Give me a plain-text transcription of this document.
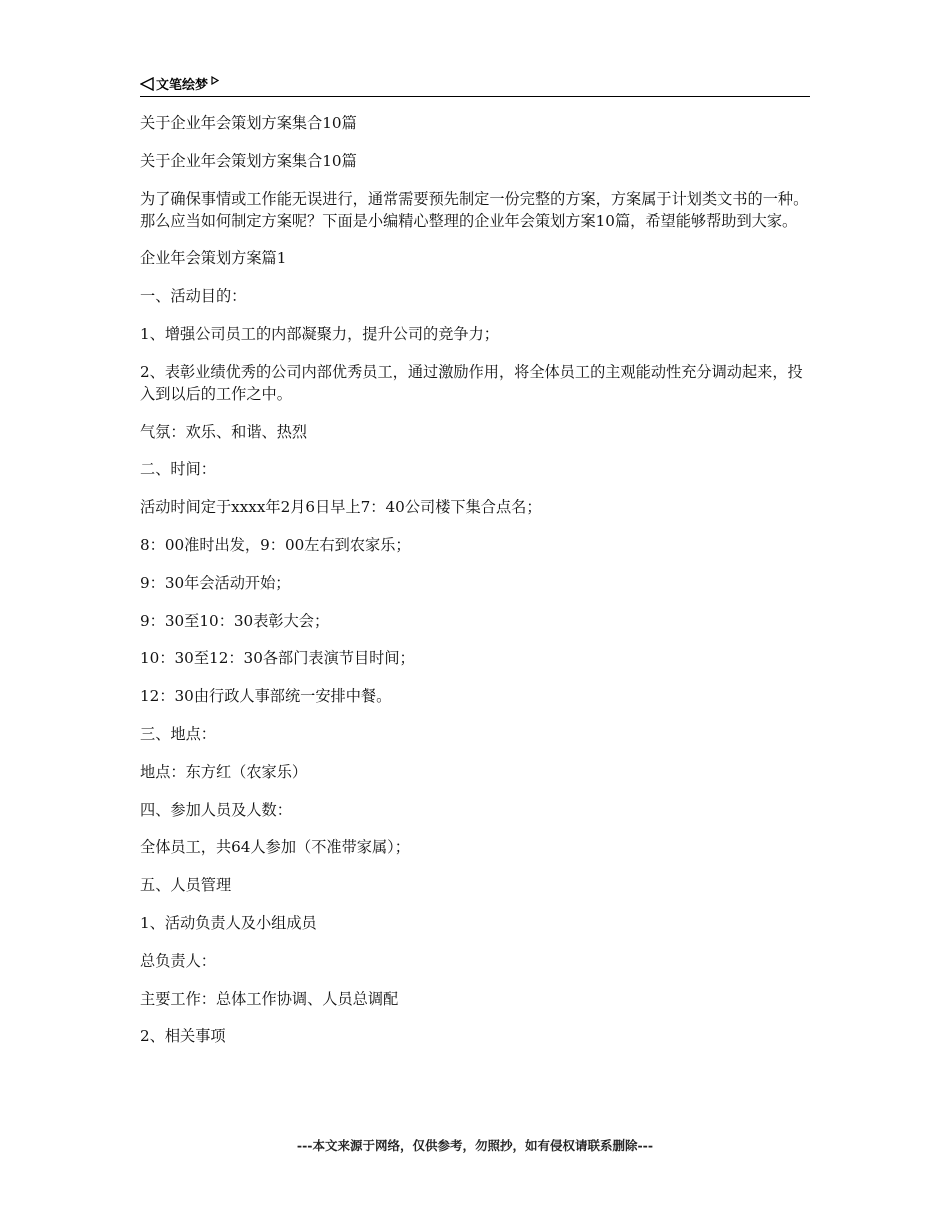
文笔绘梦

关于企业年会策划方案集合10篇

关于企业年会策划方案集合10篇

为了确保事情或工作能无误进行，通常需要预先制定一份完整的方案，方案属于计划类文书的一种。那么应当如何制定方案呢？下面是小编精心整理的企业年会策划方案10篇，希望能够帮助到大家。

企业年会策划方案篇1

一、活动目的：

1、增强公司员工的内部凝聚力，提升公司的竞争力；

2、表彰业绩优秀的公司内部优秀员工，通过激励作用，将全体员工的主观能动性充分调动起来，投入到以后的工作之中。

气氛：欢乐、和谐、热烈

二、时间：

活动时间定于xxxx年2月6日早上7：40公司楼下集合点名；

8：00准时出发，9：00左右到农家乐；

9：30年会活动开始；

9：30至10：30表彰大会；

10：30至12：30各部门表演节目时间；

12：30由行政人事部统一安排中餐。

三、地点：

地点：东方红（农家乐）

四、参加人员及人数：

全体员工，共64人参加（不准带家属）；

五、人员管理

1、活动负责人及小组成员

总负责人：

主要工作：总体工作协调、人员总调配

2、相关事项

---本文来源于网络，仅供参考，勿照抄，如有侵权请联系删除---
